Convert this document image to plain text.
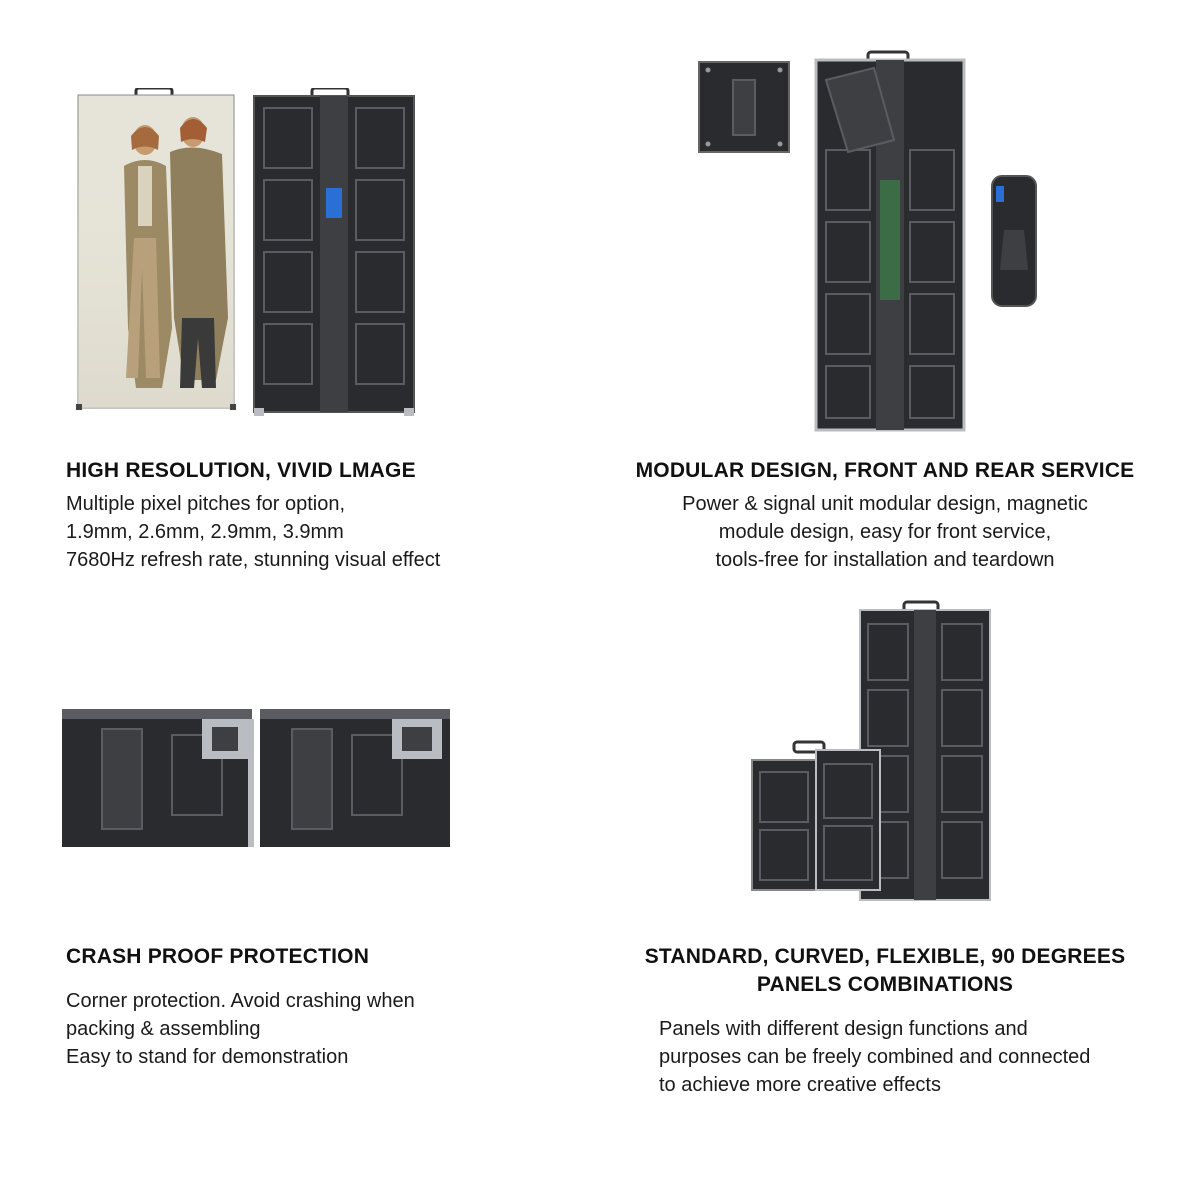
HIGH RESOLUTION, VIVID LMAGE
Multiple pixel pitches for option,
1.9mm, 2.6mm, 2.9mm, 3.9mm
7680Hz refresh rate, stunning visual effect
MODULAR DESIGN, FRONT AND REAR SERVICE
Power & signal unit modular design, magnetic
module design, easy for front service,
tools-free for installation and teardown
CRASH PROOF PROTECTION
Corner protection. Avoid crashing when
packing & assembling
Easy to stand for demonstration
STANDARD, CURVED, FLEXIBLE, 90 DEGREES
PANELS COMBINATIONS
Panels with different design functions and
purposes can be freely combined and connected
to achieve more creative effects
